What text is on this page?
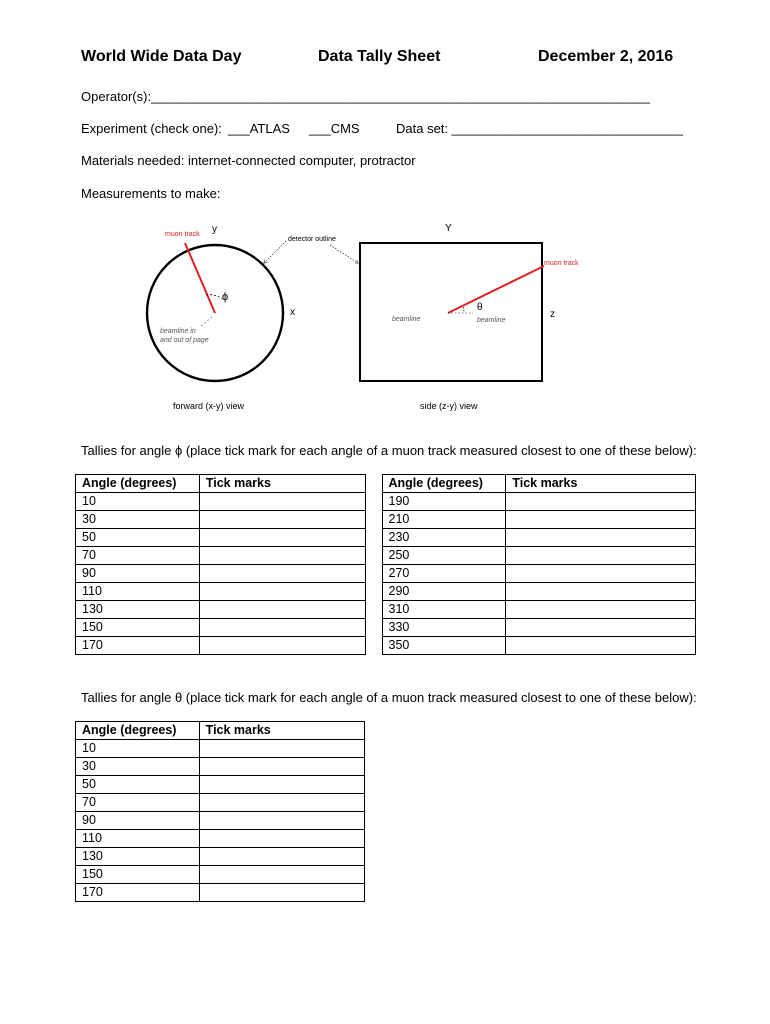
World Wide Data Day	Data Tally Sheet	December 2, 2016
Operator(s):_____________________________________________________________________
Experiment (check one): ___ATLAS ___CMS	Data set: ________________________________
Materials needed: internet-connected computer, protractor
Measurements to make:
y
x
ϕ
muon track
beamline in
and out of page
detector outline
Y
z
θ
muon track
beamline	beamline
forward (x-y) view	side (z-y) view
Tallies for angle ϕ (place tick mark for each angle of a muon track measured closest to one of these below):
Angle (degrees)	Tick marks		Angle (degrees)	Tick marks
10			190	
30			210	
50			230	
70			250	
90			270	
110			290	
130			310	
150			330	
170			350	
Tallies for angle θ (place tick mark for each angle of a muon track measured closest to one of these below):
Angle (degrees)	Tick marks
10	
30	
50	
70	
90	
110	
130	
150	
170	
